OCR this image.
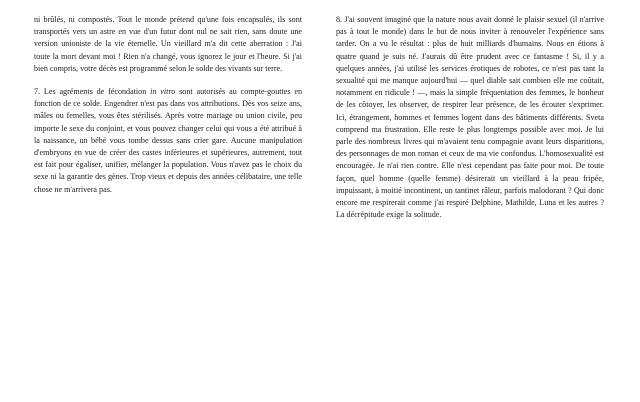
ni brûlés, ni compostés. Tout le monde prétend qu'une fois encapsulés, ils sont transportés vers un astre en vue d'un futur dont nul ne sait rien, sans doute une version unioniste de la vie éternelle. Un vieillard m'a dit cette aberration : J'ai toute la mort devant moi ! Rien n'a changé, vous ignorez le jour et l'heure. Si j'ai bien compris, votre décès est programmé selon le solde des vivants sur terre.

7. Les agréments de fécondation in vitro sont autorisés au compte-gouttes en fonction de ce solde. Engendrer n'est pas dans vos attributions. Dès vos seize ans, mâles ou femelles, vous êtes stérilisés. Après votre mariage ou union civile, peu importe le sexe du conjoint, et vous pouvez changer celui qui vous a été attribué à la naissance, un bébé vous tombe dessus sans crier gare. Aucune manipulation d'embryons en vue de créer des castes inférieures et supérieures, autrement, tout est fait pour égaliser, unifier, mélanger la population. Vous n'avez pas le choix du sexe ni la garantie des gènes. Trop vieux et depuis des années célibataire, une telle chose ne m'arrivera pas.

8. J'ai souvent imaginé que la nature nous avait donné le plaisir sexuel (il n'arrive pas à tout le monde) dans le but de nous inviter à renouveler l'expérience sans tarder. On a vu le résultat : plus de huit milliards d'humains. Nous en étions à quatre quand je suis né. J'aurais dû être prudent avec ce fantasme ! Si, il y a quelques années, j'ai utilisé les services érotiques de robotes, ce n'est pas tant la sexualité qui me manque aujourd'hui — quel diable sait combien elle me coûtait, notamment en ridicule ! —, mais la simple fréquentation des femmes, le bonheur de les côtoyer, les observer, de respirer leur présence, de les écouter s'exprimer. Ici, étrangement, hommes et femmes logent dans des bâtiments différents. Sveta comprend ma frustration. Elle reste le plus longtemps possible avec moi. Je lui parle des nombreux livres qui m'avaient tenu compagnie avant leurs disparitions, des personnages de mon roman et ceux de ma vie confondus. L'homosexualité est encouragée. Je n'ai rien contre. Elle n'est cependant pas faite pour moi. De toute façon, quel homme (quelle femme) désirerait un vieillard à la peau fripée, impuissant, à moitié incontinent, un tantinet râleur, parfois malodorant ? Qui donc encore me respirerait comme j'ai respiré Delphine, Mathilde, Luna et les autres ? La décrépitude exige la solitude.
